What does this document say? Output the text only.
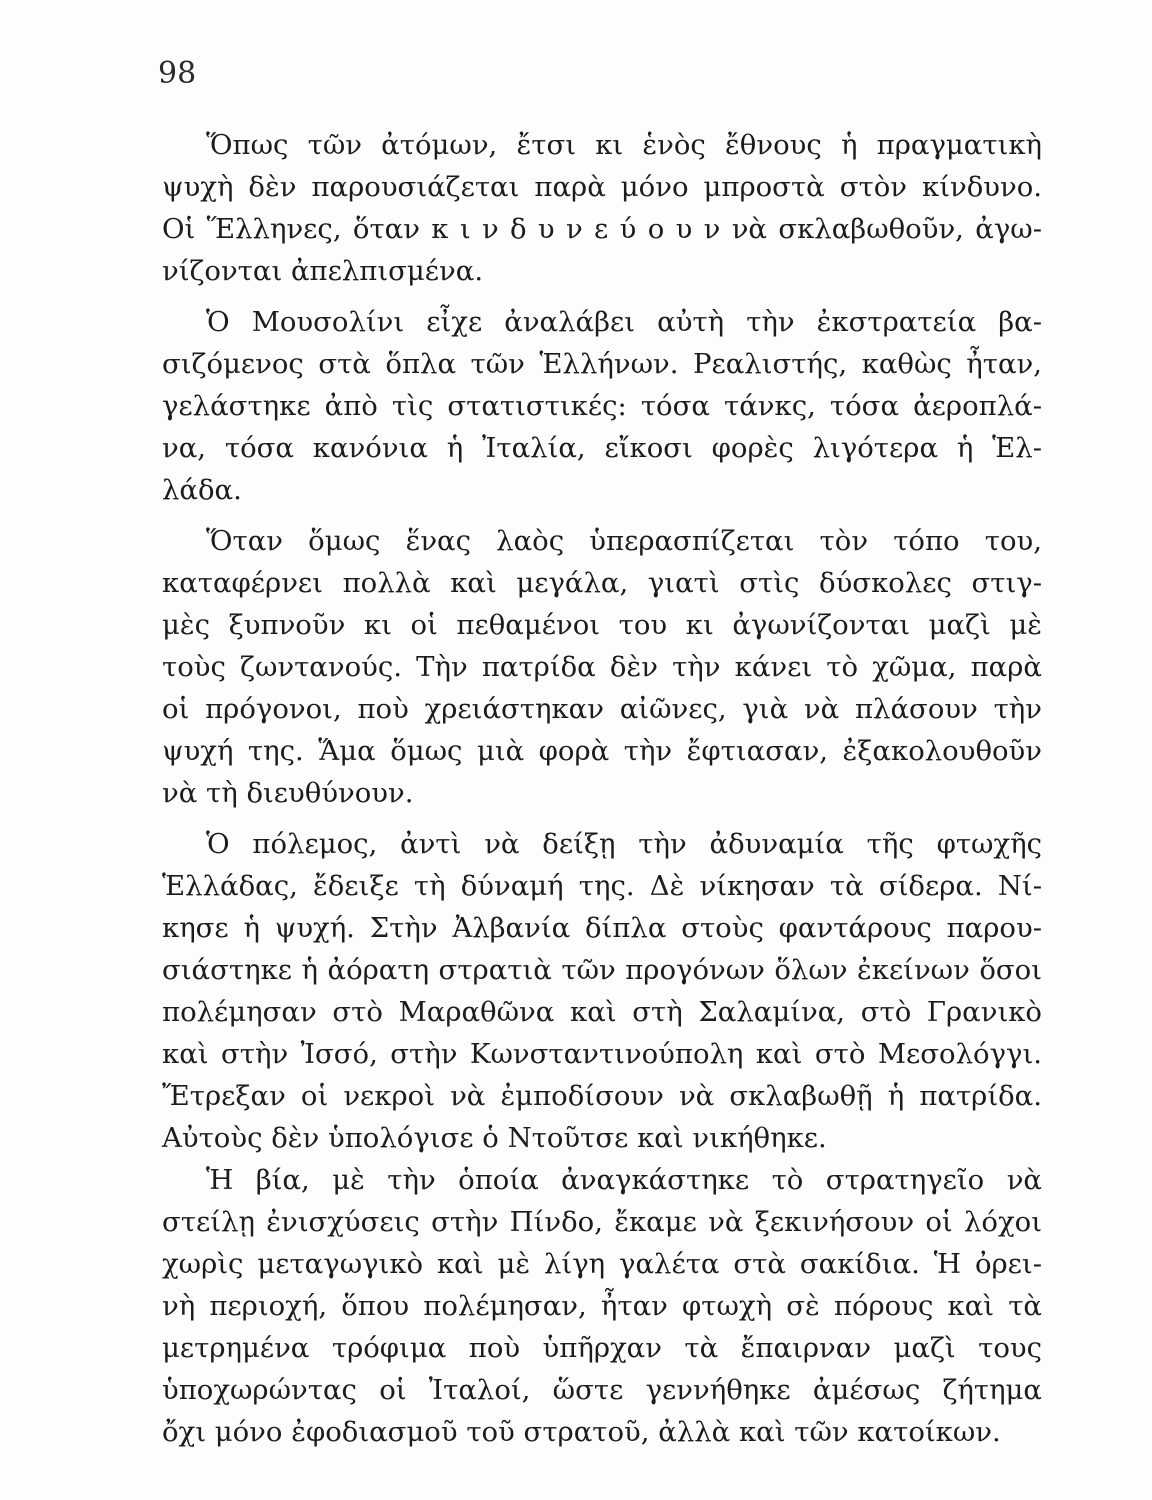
98
Ὅπως τῶν ἀτόμων, ἔτσι κι ἑνὸς ἔθνους ἡ πραγματικὴ
ψυχὴ δὲν παρουσιάζεται παρὰ μόνο μπροστὰ στὸν κίνδυνο.
Οἱ Ἕλληνες, ὅταν κ ι ν δ υ ν ε ύ ο υ ν νὰ σκλαβωθοῦν, ἀγω-
νίζονται ἀπελπισμένα.
Ὁ Μουσολίνι εἶχε ἀναλάβει αὐτὴ τὴν ἐκστρατεία βα-
σιζόμενος στὰ ὅπλα τῶν Ἑλλήνων. Ρεαλιστής, καθὼς ἦταν,
γελάστηκε ἀπὸ τὶς στατιστικές: τόσα τάνκς, τόσα ἀεροπλά-
να, τόσα κανόνια ἡ Ἰταλία, εἴκοσι φορὲς λιγότερα ἡ Ἑλ-
λάδα.
Ὅταν ὅμως ἕνας λαὸς ὑπερασπίζεται τὸν τόπο του,
καταφέρνει πολλὰ καὶ μεγάλα, γιατὶ στὶς δύσκολες στιγ-
μὲς ξυπνοῦν κι οἱ πεθαμένοι του κι ἀγωνίζονται μαζὶ μὲ
τοὺς ζωντανούς. Τὴν πατρίδα δὲν τὴν κάνει τὸ χῶμα, παρὰ
οἱ πρόγονοι, ποὺ χρειάστηκαν αἰῶνες, γιὰ νὰ πλάσουν τὴν
ψυχή της. Ἅμα ὅμως μιὰ φορὰ τὴν ἔφτιασαν, ἐξακολουθοῦν
νὰ τὴ διευθύνουν.
Ὁ πόλεμος, ἀντὶ νὰ δείξῃ τὴν ἀδυναμία τῆς φτωχῆς
Ἑλλάδας, ἔδειξε τὴ δύναμή της. Δὲ νίκησαν τὰ σίδερα. Νί-
κησε ἡ ψυχή. Στὴν Ἀλβανία δίπλα στοὺς φαντάρους παρου-
σιάστηκε ἡ ἀόρατη στρατιὰ τῶν προγόνων ὅλων ἐκείνων ὅσοι
πολέμησαν στὸ Μαραθῶνα καὶ στὴ Σαλαμίνα, στὸ Γρανικὸ
καὶ στὴν Ἰσσό, στὴν Κωνσταντινούπολη καὶ στὸ Μεσολόγγι.
Ἔτρεξαν οἱ νεκροὶ νὰ ἐμποδίσουν νὰ σκλαβωθῇ ἡ πατρίδα.
Αὐτοὺς δὲν ὑπολόγισε ὁ Ντοῦτσε καὶ νικήθηκε.
Ἡ βία, μὲ τὴν ὁποία ἀναγκάστηκε τὸ στρατηγεῖο νὰ
στείλῃ ἐνισχύσεις στὴν Πίνδο, ἔκαμε νὰ ξεκινήσουν οἱ λόχοι
χωρὶς μεταγωγικὸ καὶ μὲ λίγη γαλέτα στὰ σακίδια. Ἡ ὀρει-
νὴ περιοχή, ὅπου πολέμησαν, ἦταν φτωχὴ σὲ πόρους καὶ τὰ
μετρημένα τρόφιμα ποὺ ὑπῆρχαν τὰ ἔπαιρναν μαζὶ τους
ὑποχωρώντας οἱ Ἰταλοί, ὥστε γεννήθηκε ἀμέσως ζήτημα
ὄχι μόνο ἐφοδιασμοῦ τοῦ στρατοῦ, ἀλλὰ καὶ τῶν κατοίκων.
